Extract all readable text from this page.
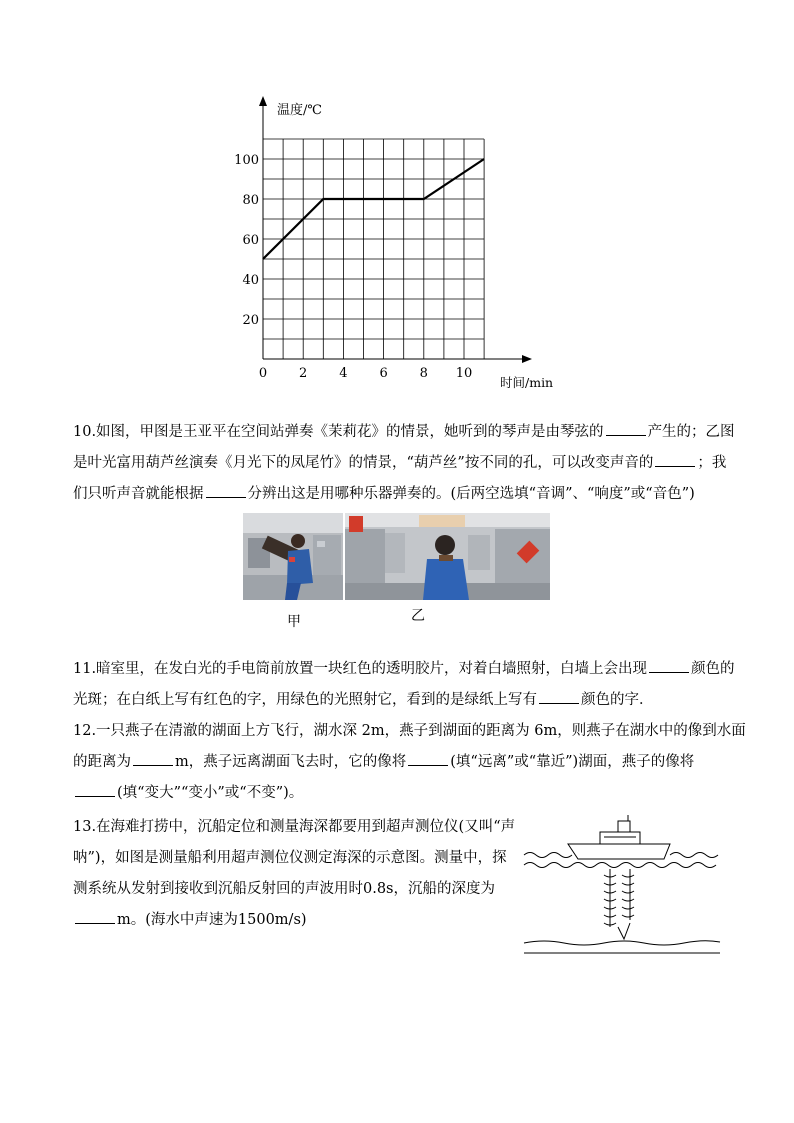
0 2 4 6 8 10
20
40
60
80
100
温度/℃
时间/min
10.如图，甲图是王亚平在空间站弹奏《茉莉花》的情景，她听到的琴声是由琴弦的	产生的；乙图
是叶光富用葫芦丝演奏《月光下的凤尾竹》的情景，“葫芦丝”按不同的孔，可以改变声音的	；我
们只听声音就能根据	分辨出这是用哪种乐器弹奏的。(后两空选填“音调”、“响度”或“音色”)
甲	乙
11.暗室里，在发白光的手电筒前放置一块红色的透明胶片，对着白墙照射，白墙上会出现	颜色的
光斑；在白纸上写有红色的字，用绿色的光照射它，看到的是绿纸上写有	颜色的字．
12.一只燕子在清澈的湖面上方飞行，湖水深 2m，燕子到湖面的距离为 6m，则燕子在湖水中的像到水面
的距离为	m，燕子远离湖面飞去时，它的像将	(填“远离”或“靠近”)湖面，燕子的像将
(填“变大”“变小”或“不变”)。
13.在海难打捞中，沉船定位和测量海深都要用到超声测位仪(又叫“声
呐”)，如图是测量船利用超声测位仪测定海深的示意图。测量中，探
测系统从发射到接收到沉船反射回的声波用时0.8s，沉船的深度为
m。(海水中声速为1500m/s)
